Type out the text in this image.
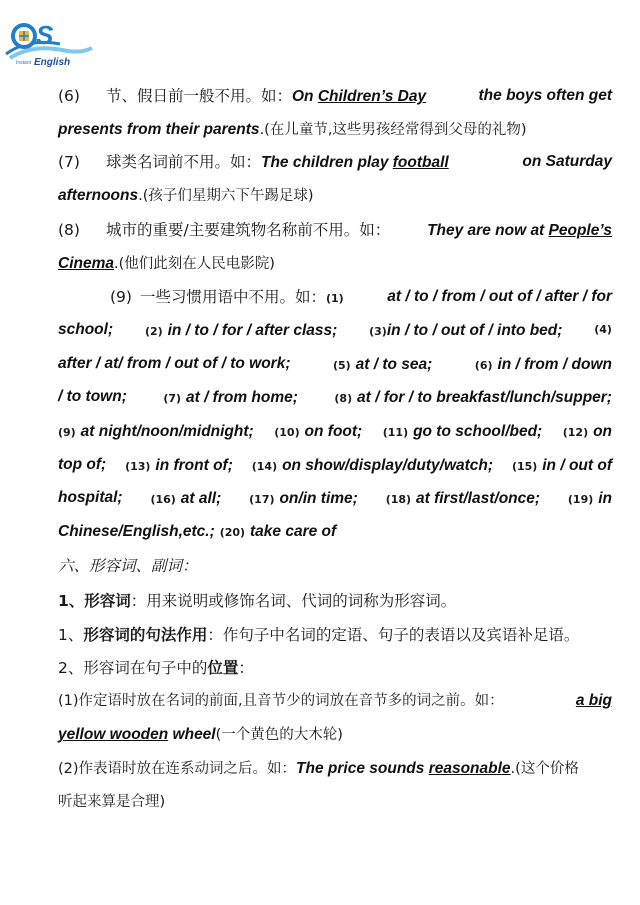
S
Instant English
(6) 节、假日前一般不用。如：On Children’s Day	the boys often get
presents from their parents.(在儿童节,这些男孩经常得到父母的礼物)
(7) 球类名词前不用。如：The children play football	on Saturday
afternoons.(孩子们星期六下午踢足球)
(8) 城市的重要/主要建筑物名称前不用。如： They are now at People’s
Cinema.(他们此刻在人民电影院)
(9) 一些习惯用语中不用。如：(1)	at / to / from / out of / after / for
school;	(2) in / to / for / after class;	(3)in / to / out of / into bed;	(4)
after / at/ from / out of / to work;	(5) at / to sea;	(6) in / from / down
/ to town;	(7) at / from home;	(8) at / for / to breakfast/lunch/supper;
(9) at night/noon/midnight; (10) on foot; (11) go to school/bed; (12) on
top of; (13) in front of; (14) on show/display/duty/watch; (15) in / out of
hospital;	(16) at all;	(17) on/in time;	(18) at first/last/once;	(19) in
Chinese/English,etc.; (20) take care of
六、形容词、副词：
1、形容词：用来说明或修饰名词、代词的词称为形容词。
1、形容词的句法作用：作句子中名词的定语、句子的表语以及宾语补足语。
2、形容词在句子中的位置：
(1)作定语时放在名词的前面,且音节少的词放在音节多的词之前。如：	a big
yellow wooden wheel(一个黄色的大木轮)
(2)作表语时放在连系动词之后。如：The price sounds reasonable.(这个价格
听起来算是合理)
